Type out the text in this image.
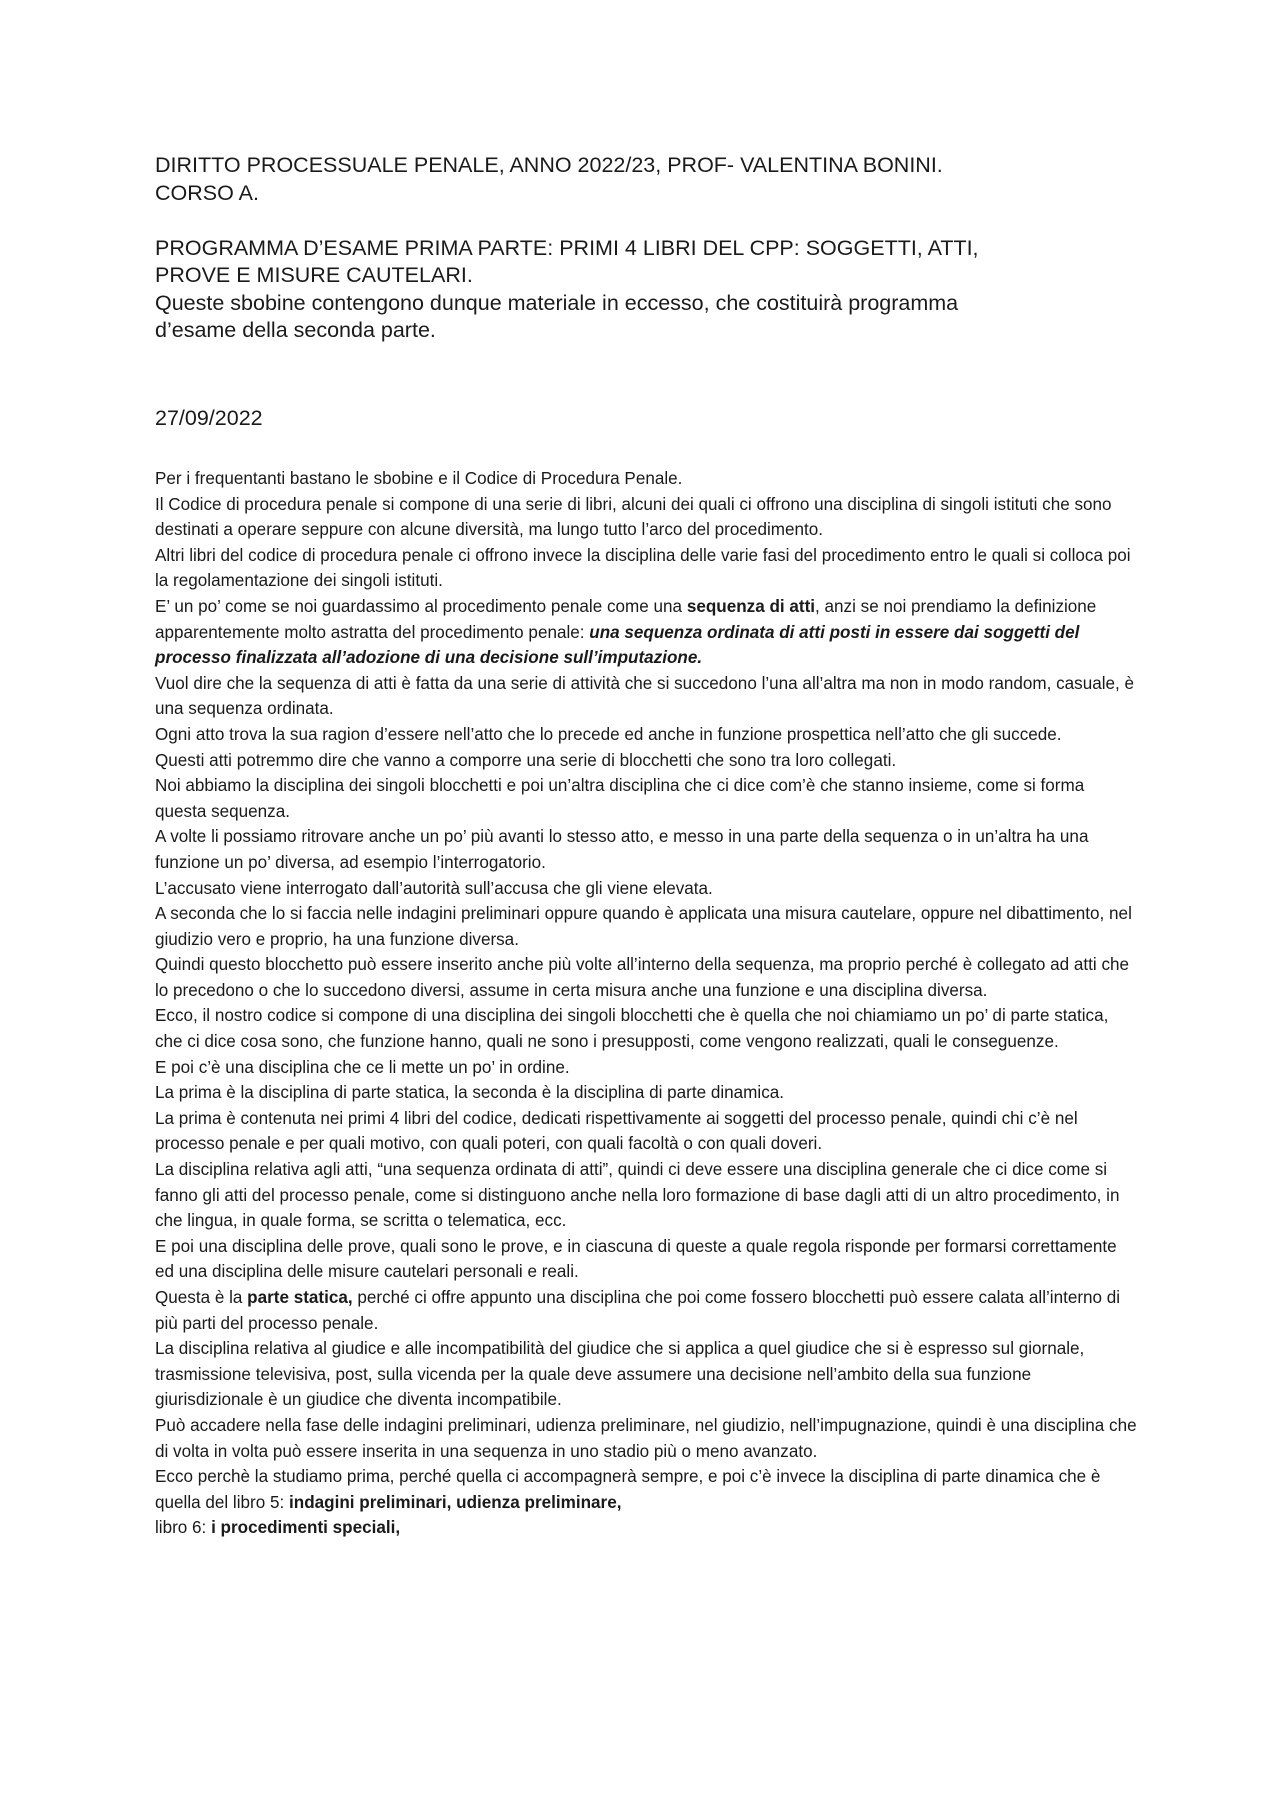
DIRITTO PROCESSUALE PENALE, ANNO 2022/23, PROF- VALENTINA BONINI.

CORSO A.

PROGRAMMA D’ESAME PRIMA PARTE: PRIMI 4 LIBRI DEL CPP: SOGGETTI, ATTI,

PROVE E MISURE CAUTELARI.

Queste sbobine contengono dunque materiale in eccesso, che costituirà programma

d’esame della seconda parte.

27/09/2022

Per i frequentanti bastano le sbobine e il Codice di Procedura Penale.

Il Codice di procedura penale si compone di una serie di libri, alcuni dei quali ci offrono una disciplina di singoli istituti che sono destinati a operare seppure con alcune diversità, ma lungo tutto l’arco del procedimento.

Altri libri del codice di procedura penale ci offrono invece la disciplina delle varie fasi del procedimento entro le quali si colloca poi la regolamentazione dei singoli istituti.

E’ un po’ come se noi guardassimo al procedimento penale come una sequenza di atti, anzi se noi prendiamo la definizione apparentemente molto astratta del procedimento penale: una sequenza ordinata di atti posti in essere dai soggetti del processo finalizzata all’adozione di una decisione sull’imputazione.

Vuol dire che la sequenza di atti è fatta da una serie di attività che si succedono l’una all’altra ma non in modo random, casuale, è una sequenza ordinata.

Ogni atto trova la sua ragion d’essere nell’atto che lo precede ed anche in funzione prospettica nell’atto che gli succede.

Questi atti potremmo dire che vanno a comporre una serie di blocchetti che sono tra loro collegati.

Noi abbiamo la disciplina dei singoli blocchetti e poi un’altra disciplina che ci dice com’è che stanno insieme, come si forma questa sequenza.

A volte li possiamo ritrovare anche un po’ più avanti lo stesso atto, e messo in una parte della sequenza o in un’altra ha una funzione un po’ diversa, ad esempio l’interrogatorio.

L’accusato viene interrogato dall’autorità sull’accusa che gli viene elevata.

A seconda che lo si faccia nelle indagini preliminari oppure quando è applicata una misura cautelare, oppure nel dibattimento, nel giudizio vero e proprio, ha una funzione diversa.

Quindi questo blocchetto può essere inserito anche più volte all’interno della sequenza, ma proprio perché è collegato ad atti che lo precedono o che lo succedono diversi, assume in certa misura anche una funzione e una disciplina diversa.

Ecco, il nostro codice si compone di una disciplina dei singoli blocchetti che è quella che noi chiamiamo un po’ di parte statica, che ci dice cosa sono, che funzione hanno, quali ne sono i presupposti, come vengono realizzati, quali le conseguenze.

E poi c’è una disciplina che ce li mette un po’ in ordine.

La prima è la disciplina di parte statica, la seconda è la disciplina di parte dinamica.

La prima è contenuta nei primi 4 libri del codice, dedicati rispettivamente ai soggetti del processo penale, quindi chi c’è nel processo penale e per quali motivo, con quali poteri, con quali facoltà o con quali doveri.

La disciplina relativa agli atti, “una sequenza ordinata di atti”, quindi ci deve essere una disciplina generale che ci dice come si fanno gli atti del processo penale, come si distinguono anche nella loro formazione di base dagli atti di un altro procedimento, in che lingua, in quale forma, se scritta o telematica, ecc.

E poi una disciplina delle prove, quali sono le prove, e in ciascuna di queste a quale regola risponde per formarsi correttamente ed una disciplina delle misure cautelari personali e reali.

Questa è la parte statica, perché ci offre appunto una disciplina che poi come fossero blocchetti può essere calata all’interno di più parti del processo penale.

La disciplina relativa al giudice e alle incompatibilità del giudice che si applica a quel giudice che si è espresso sul giornale, trasmissione televisiva, post, sulla vicenda per la quale deve assumere una decisione nell’ambito della sua funzione giurisdizionale è un giudice che diventa incompatibile.

Può accadere nella fase delle indagini preliminari, udienza preliminare, nel giudizio, nell’impugnazione, quindi è una disciplina che di volta in volta può essere inserita in una sequenza in uno stadio più o meno avanzato.

Ecco perchè la studiamo prima, perché quella ci accompagnerà sempre, e poi c’è invece la disciplina di parte dinamica che è quella del libro 5: indagini preliminari, udienza preliminare,

libro 6: i procedimenti speciali,
